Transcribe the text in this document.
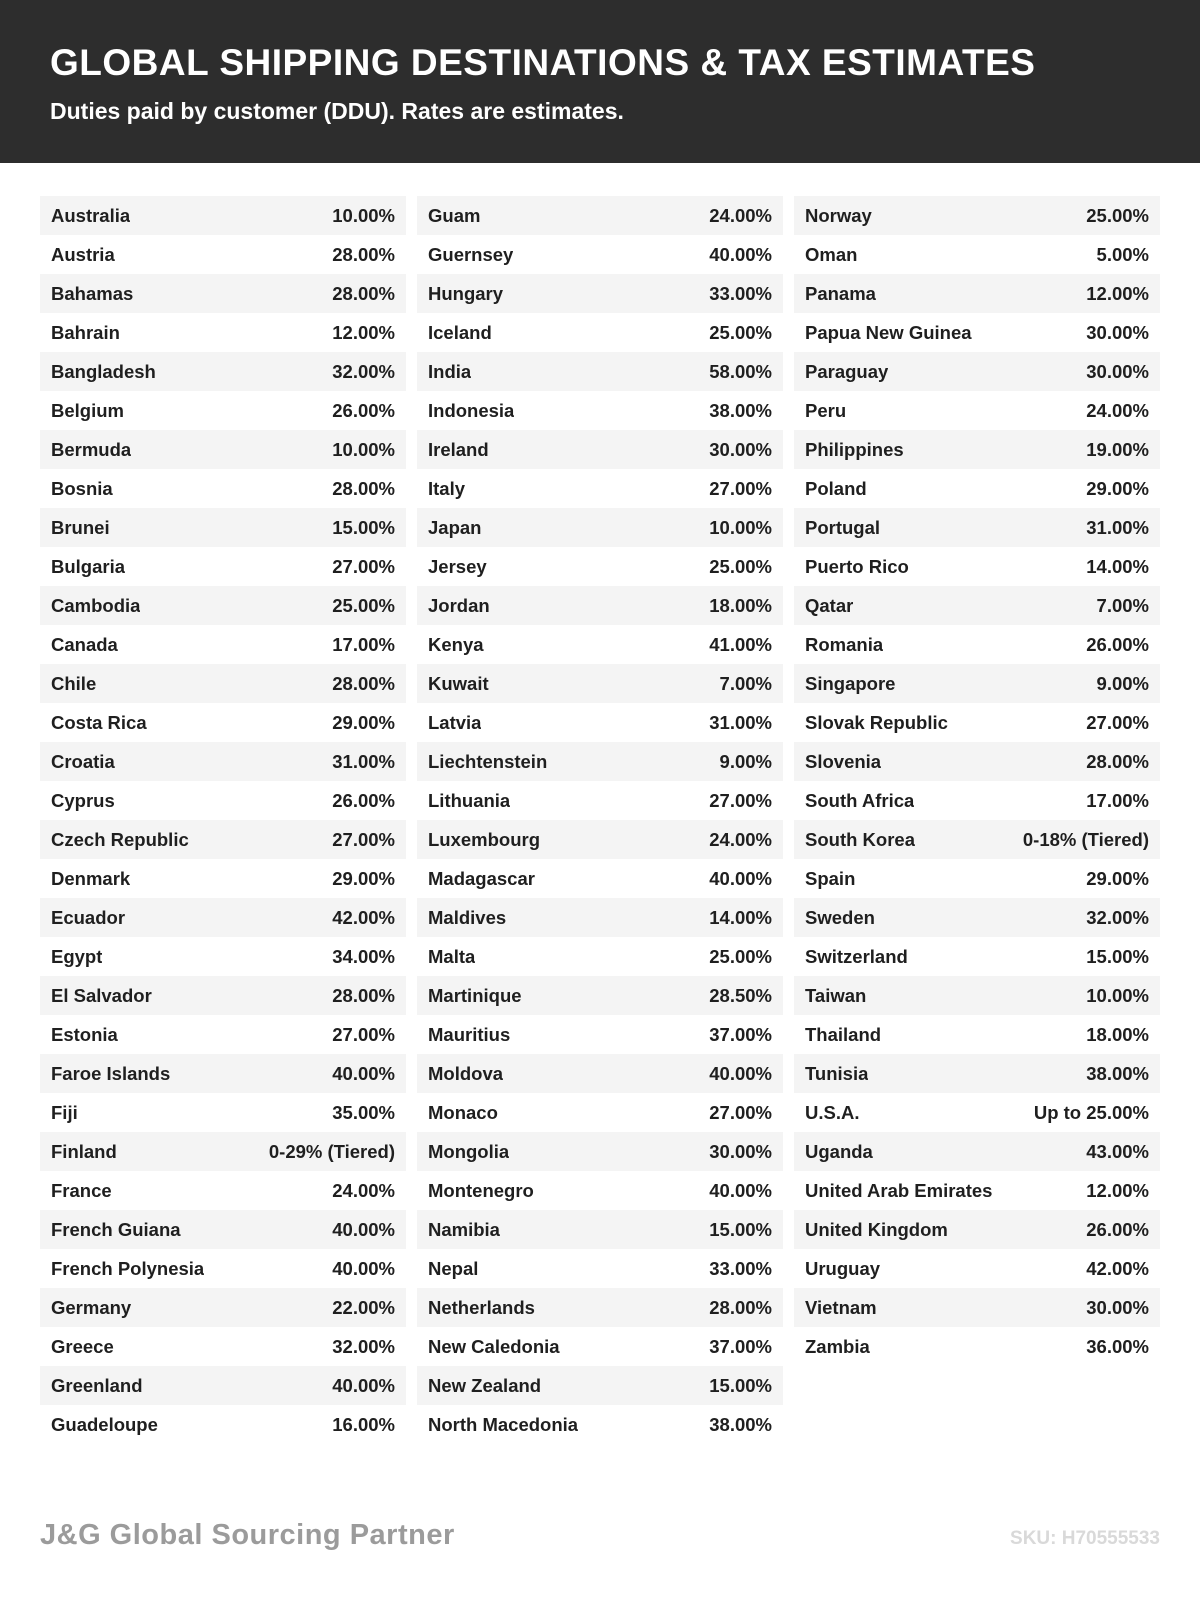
GLOBAL SHIPPING DESTINATIONS & TAX ESTIMATES
Duties paid by customer (DDU). Rates are estimates.
Australia	10.00%
Austria	28.00%
Bahamas	28.00%
Bahrain	12.00%
Bangladesh	32.00%
Belgium	26.00%
Bermuda	10.00%
Bosnia	28.00%
Brunei	15.00%
Bulgaria	27.00%
Cambodia	25.00%
Canada	17.00%
Chile	28.00%
Costa Rica	29.00%
Croatia	31.00%
Cyprus	26.00%
Czech Republic	27.00%
Denmark	29.00%
Ecuador	42.00%
Egypt	34.00%
El Salvador	28.00%
Estonia	27.00%
Faroe Islands	40.00%
Fiji	35.00%
Finland	0-29% (Tiered)
France	24.00%
French Guiana	40.00%
French Polynesia	40.00%
Germany	22.00%
Greece	32.00%
Greenland	40.00%
Guadeloupe	16.00%
Guam	24.00%
Guernsey	40.00%
Hungary	33.00%
Iceland	25.00%
India	58.00%
Indonesia	38.00%
Ireland	30.00%
Italy	27.00%
Japan	10.00%
Jersey	25.00%
Jordan	18.00%
Kenya	41.00%
Kuwait	7.00%
Latvia	31.00%
Liechtenstein	9.00%
Lithuania	27.00%
Luxembourg	24.00%
Madagascar	40.00%
Maldives	14.00%
Malta	25.00%
Martinique	28.50%
Mauritius	37.00%
Moldova	40.00%
Monaco	27.00%
Mongolia	30.00%
Montenegro	40.00%
Namibia	15.00%
Nepal	33.00%
Netherlands	28.00%
New Caledonia	37.00%
New Zealand	15.00%
North Macedonia	38.00%
Norway	25.00%
Oman	5.00%
Panama	12.00%
Papua New Guinea	30.00%
Paraguay	30.00%
Peru	24.00%
Philippines	19.00%
Poland	29.00%
Portugal	31.00%
Puerto Rico	14.00%
Qatar	7.00%
Romania	26.00%
Singapore	9.00%
Slovak Republic	27.00%
Slovenia	28.00%
South Africa	17.00%
South Korea	0-18% (Tiered)
Spain	29.00%
Sweden	32.00%
Switzerland	15.00%
Taiwan	10.00%
Thailand	18.00%
Tunisia	38.00%
U.S.A.	Up to 25.00%
Uganda	43.00%
United Arab Emirates	12.00%
United Kingdom	26.00%
Uruguay	42.00%
Vietnam	30.00%
Zambia	36.00%
J&G Global Sourcing Partner	SKU: H70555533
